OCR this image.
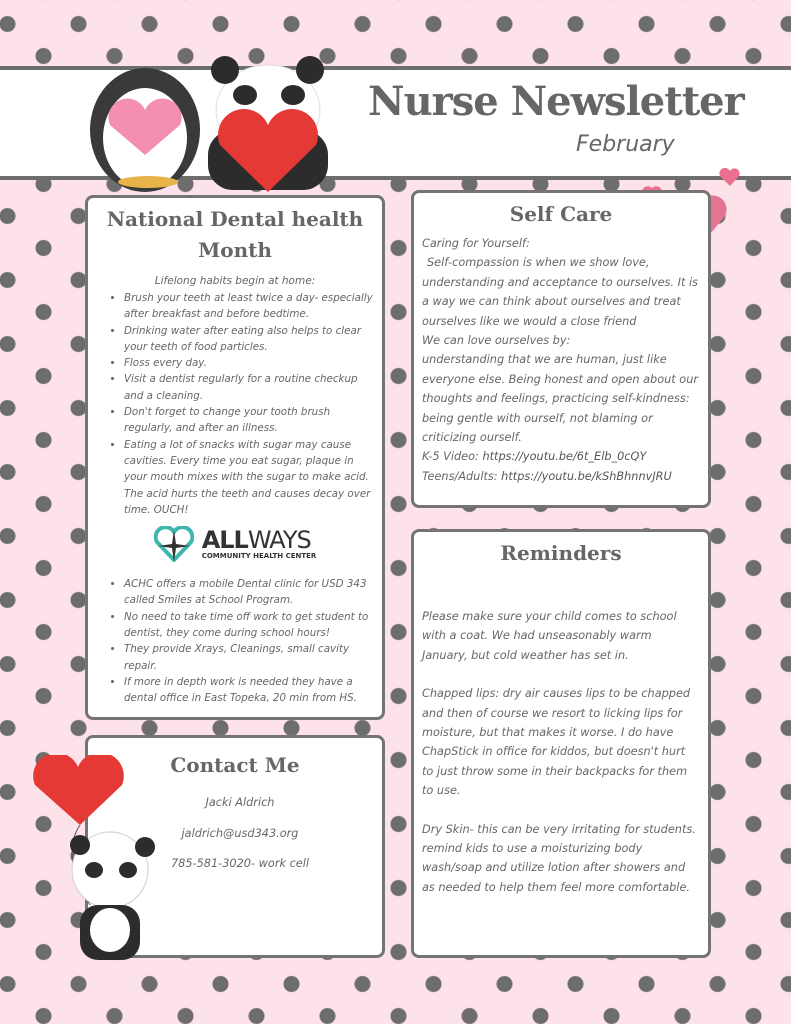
Nurse Newsletter
February
National Dental health Month
Lifelong habits begin at home:
• Brush your teeth at least twice a day- especially after breakfast and before bedtime.
• Drinking water after eating also helps to clear your teeth of food particles.
• Floss every day.
• Visit a dentist regularly for a routine checkup and a cleaning.
• Don't forget to change your tooth brush regularly, and after an illness.
• Eating a lot of snacks with sugar may cause cavities. Every time you eat sugar, plaque in your mouth mixes with the sugar to make acid. The acid hurts the teeth and causes decay over time. OUCH!
ALLWAYS
COMMUNITY HEALTH CENTER
• ACHC offers a mobile Dental clinic for USD 343 called Smiles at School Program.
• No need to take time off work to get student to dentist, they come during school hours!
• They provide Xrays, Cleanings, small cavity repair.
• If more in depth work is needed they have a dental office in East Topeka, 20 min from HS.
Contact Me
Jacki Aldrich
jaldrich@usd343.org
785-581-3020- work cell
Self Care
Caring for Yourself:
Self-compassion is when we show love, understanding and acceptance to ourselves. It is a way we can think about ourselves and treat ourselves like we would a close friend
We can love ourselves by:
understanding that we are human, just like everyone else. Being honest and open about our thoughts and feelings, practicing self-kindness: being gentle with ourself, not blaming or criticizing ourself.
K-5 Video: https://youtu.be/6t_Elb_0cQY
Teens/Adults: https://youtu.be/kShBhnnvJRU
Reminders
Please make sure your child comes to school with a coat. We had unseasonably warm January, but cold weather has set in.
Chapped lips: dry air causes lips to be chapped and then of course we resort to licking lips for moisture, but that makes it worse. I do have ChapStick in office for kiddos, but doesn't hurt to just throw some in their backpacks for them to use.
Dry Skin- this can be very irritating for students. remind kids to use a moisturizing body wash/soap and utilize lotion after showers and as needed to help them feel more comfortable.
